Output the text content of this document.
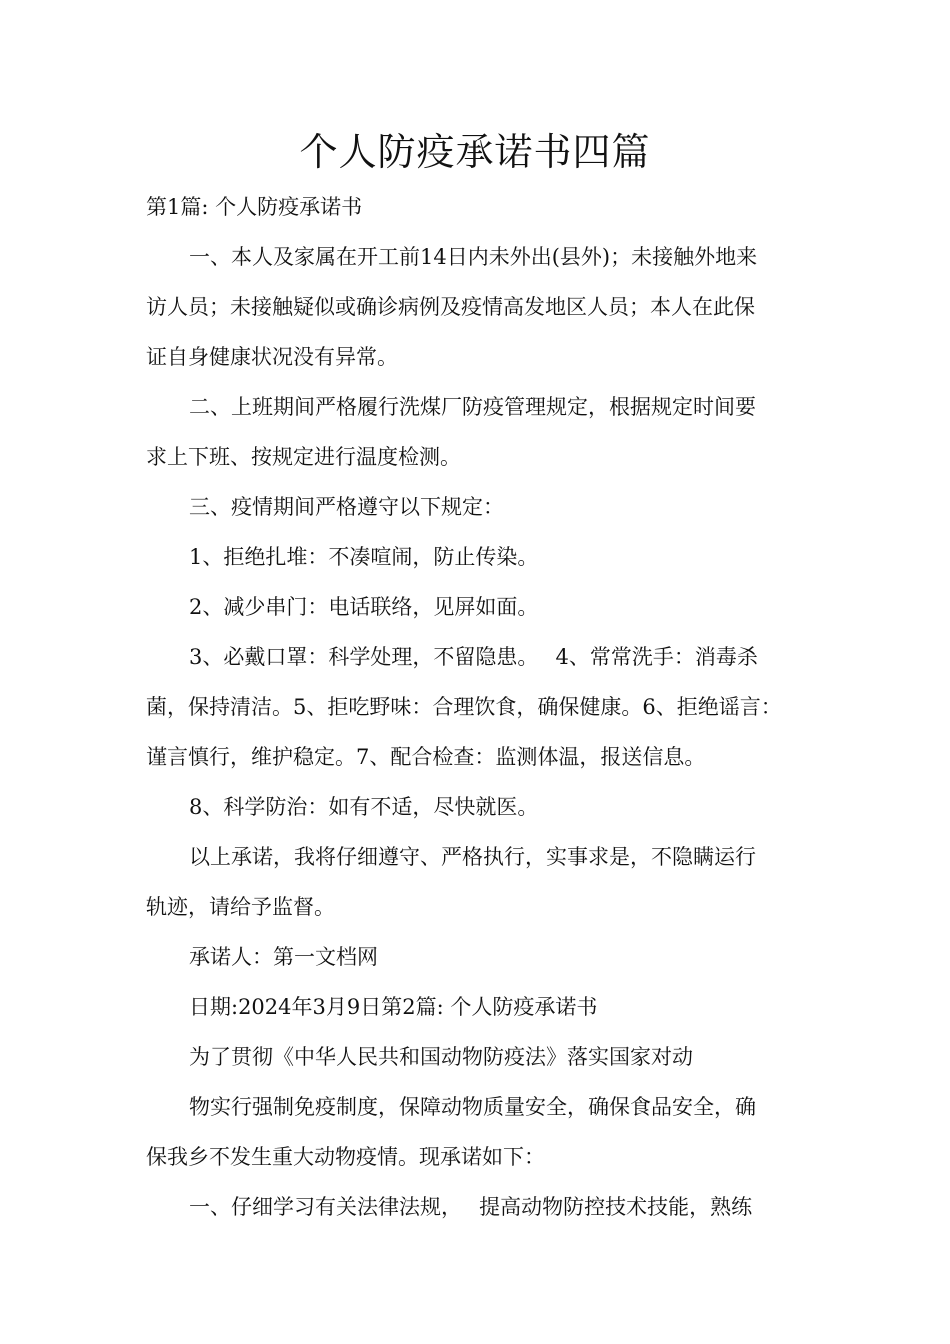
个人防疫承诺书四篇

第1篇: 个人防疫承诺书

一、本人及家属在开工前14日内未外出(县外)；未接触外地来

访人员；未接触疑似或确诊病例及疫情高发地区人员；本人在此保

证自身健康状况没有异常。

二、上班期间严格履行洗煤厂防疫管理规定，根据规定时间要

求上下班、按规定进行温度检测。

三、疫情期间严格遵守以下规定：

1、拒绝扎堆：不凑喧闹，防止传染。

2、减少串门：电话联络，见屏如面。

3、必戴口罩：科学处理，不留隐患。　 4、常常洗手：消毒杀

菌，保持清洁。5、拒吃野味：合理饮食，确保健康。6、拒绝谣言：

谨言慎行，维护稳定。7、配合检查：监测体温，报送信息。

8、科学防治：如有不适，尽快就医。

以上承诺，我将仔细遵守、严格执行，实事求是，不隐瞒运行

轨迹，请给予监督。

承诺人：第一文档网

日期:2024年3月9日第2篇: 个人防疫承诺书

为了贯彻《中华人民共和国动物防疫法》落实国家对动

物实行强制免疫制度，保障动物质量安全，确保食品安全，确

保我乡不发生重大动物疫情。现承诺如下：

一、仔细学习有关法律法规，　 提高动物防控技术技能，熟练
